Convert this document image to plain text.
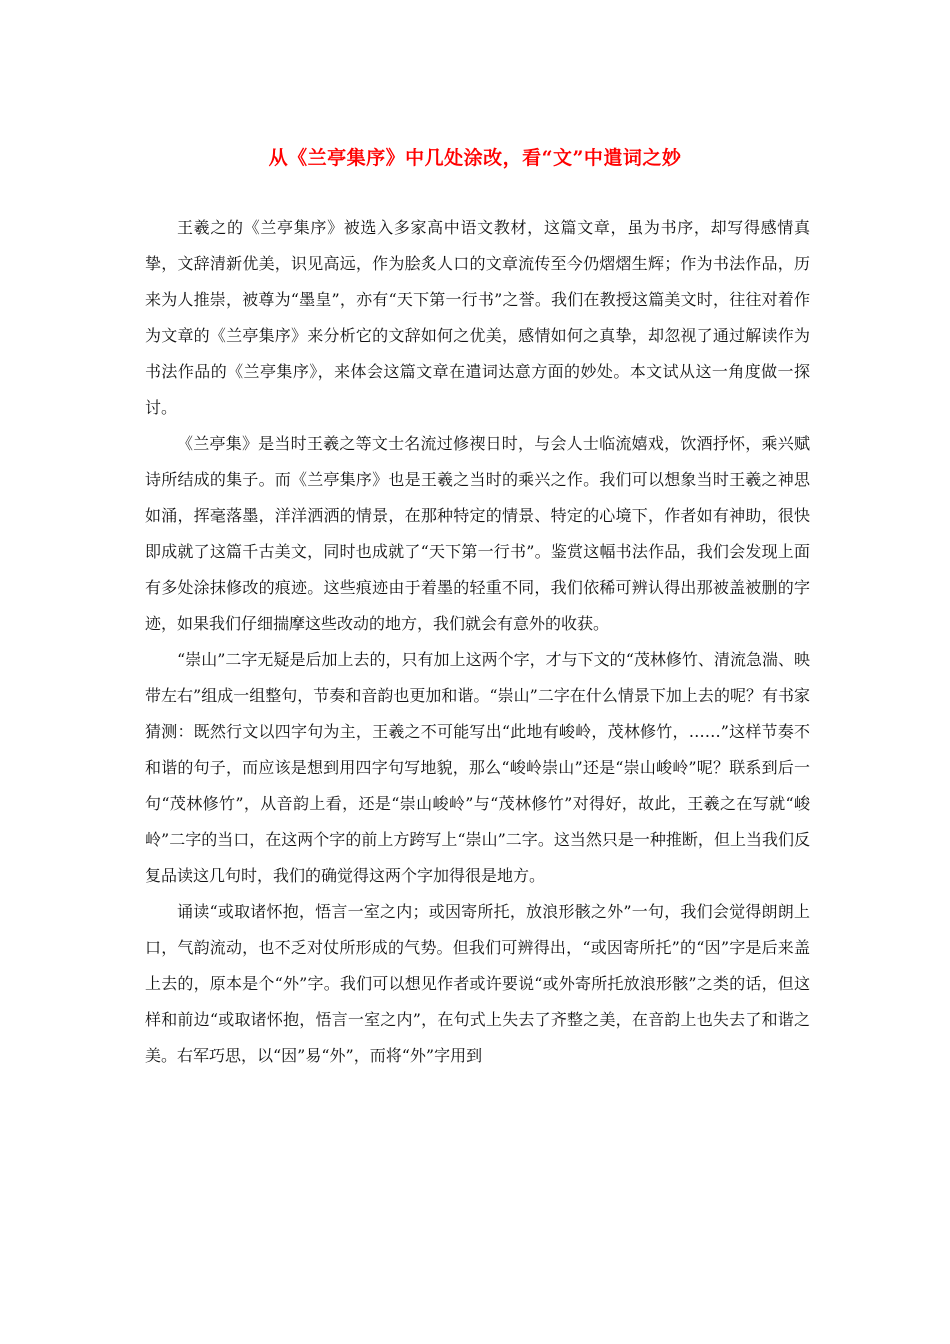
从《兰亭集序》中几处涂改，看“文”中遣词之妙

王羲之的《兰亭集序》被选入多家高中语文教材，这篇文章，虽为书序，却写得感情真挚，文辞清新优美，识见高远，作为脍炙人口的文章流传至今仍熠熠生辉；作为书法作品，历来为人推崇，被尊为“墨皇”，亦有“天下第一行书”之誉。我们在教授这篇美文时，往往对着作为文章的《兰亭集序》来分析它的文辞如何之优美，感情如何之真挚，却忽视了通过解读作为书法作品的《兰亭集序》，来体会这篇文章在遣词达意方面的妙处。本文试从这一角度做一探讨。

《兰亭集》是当时王羲之等文士名流过修禊日时，与会人士临流嬉戏，饮酒抒怀，乘兴赋诗所结成的集子。而《兰亭集序》也是王羲之当时的乘兴之作。我们可以想象当时王羲之神思如涌，挥毫落墨，洋洋洒洒的情景，在那种特定的情景、特定的心境下，作者如有神助，很快即成就了这篇千古美文，同时也成就了“天下第一行书”。鉴赏这幅书法作品，我们会发现上面有多处涂抹修改的痕迹。这些痕迹由于着墨的轻重不同，我们依稀可辨认得出那被盖被删的字迹，如果我们仔细揣摩这些改动的地方，我们就会有意外的收获。

“崇山”二字无疑是后加上去的，只有加上这两个字，才与下文的“茂林修竹、清流急湍、映带左右”组成一组整句，节奏和音韵也更加和谐。“崇山”二字在什么情景下加上去的呢？有书家猜测：既然行文以四字句为主，王羲之不可能写出“此地有峻岭，茂林修竹，……”这样节奏不和谐的句子，而应该是想到用四字句写地貌，那么“峻岭崇山”还是“崇山峻岭”呢？联系到后一句“茂林修竹”，从音韵上看，还是“崇山峻岭”与“茂林修竹”对得好，故此，王羲之在写就“峻岭”二字的当口，在这两个字的前上方跨写上“崇山”二字。这当然只是一种推断，但上当我们反复品读这几句时，我们的确觉得这两个字加得很是地方。

诵读“或取诸怀抱，悟言一室之内；或因寄所托，放浪形骸之外”一句，我们会觉得朗朗上口，气韵流动，也不乏对仗所形成的气势。但我们可辨得出，“或因寄所托”的“因”字是后来盖上去的，原本是个“外”字。我们可以想见作者或许要说“或外寄所托放浪形骸”之类的话，但这样和前边“或取诸怀抱，悟言一室之内”，在句式上失去了齐整之美，在音韵上也失去了和谐之美。右军巧思，以“因”易“外”，而将“外”字用到
